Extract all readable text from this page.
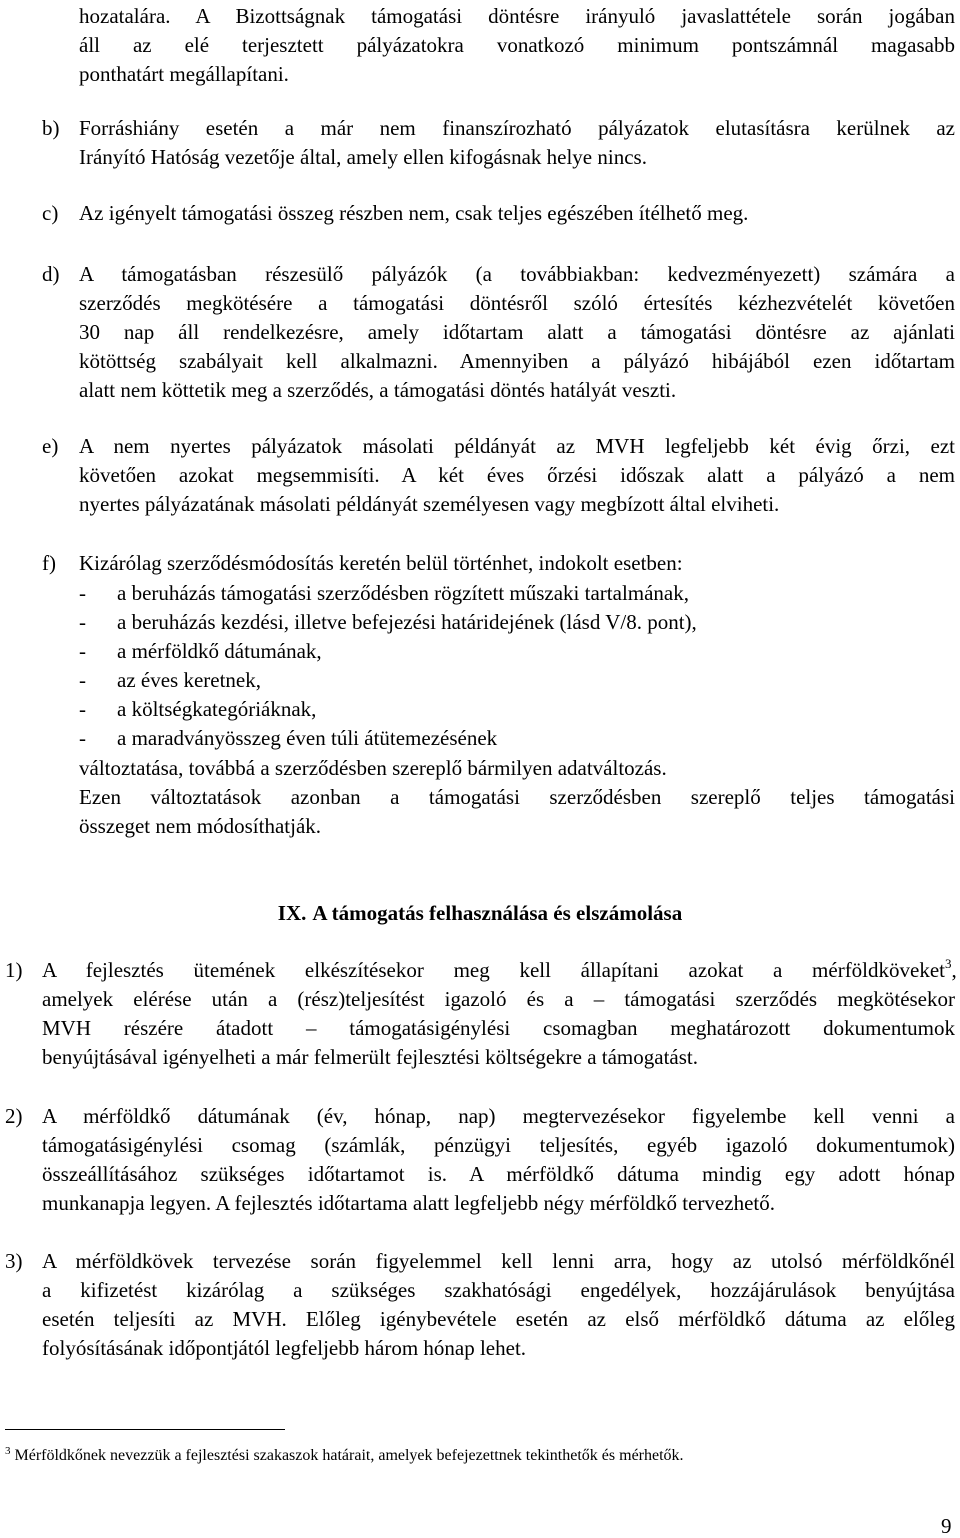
hozatalára. A Bizottságnak támogatási döntésre irányuló javaslattétele során jogában
áll az elé terjesztett pályázatokra vonatkozó minimum pontszámnál magasabb
ponthatárt megállapítani.
b) Forráshiány esetén a már nem finanszírozható pályázatok elutasításra kerülnek az
Irányító Hatóság vezetője által, amely ellen kifogásnak helye nincs.
c) Az igényelt támogatási összeg részben nem, csak teljes egészében ítélhető meg.
d) A támogatásban részesülő pályázók (a továbbiakban: kedvezményezett) számára a
szerződés megkötésére a támogatási döntésről szóló értesítés kézhezvételét követően
30 nap áll rendelkezésre, amely időtartam alatt a támogatási döntésre az ajánlati
kötöttség szabályait kell alkalmazni. Amennyiben a pályázó hibájából ezen időtartam
alatt nem köttetik meg a szerződés, a támogatási döntés hatályát veszti.
e) A nem nyertes pályázatok másolati példányát az MVH legfeljebb két évig őrzi, ezt
követően azokat megsemmisíti. A két éves őrzési időszak alatt a pályázó a nem
nyertes pályázatának másolati példányát személyesen vagy megbízott által elviheti.
f) Kizárólag szerződésmódosítás keretén belül történhet, indokolt esetben:
- a beruházás támogatási szerződésben rögzített műszaki tartalmának,
- a beruházás kezdési, illetve befejezési határidejének (lásd V/8. pont),
- a mérföldkő dátumának,
- az éves keretnek,
- a költségkategóriáknak,
- a maradványösszeg éven túli átütemezésének
változtatása, továbbá a szerződésben szereplő bármilyen adatváltozás.
Ezen változtatások azonban a támogatási szerződésben szereplő teljes támogatási
összeget nem módosíthatják.
IX. A támogatás felhasználása és elszámolása
1) A fejlesztés ütemének elkészítésekor meg kell állapítani azokat a mérföldköveket$^3$,
amelyek elérése után a (rész)teljesítést igazoló és a – támogatási szerződés megkötésekor
MVH részére átadott – támogatásigénylési csomagban meghatározott dokumentumok
benyújtásával igényelheti a már felmerült fejlesztési költségekre a támogatást.
2) A mérföldkő dátumának (év, hónap, nap) megtervezésekor figyelembe kell venni a
támogatásigénylési csomag (számlák, pénzügyi teljesítés, egyéb igazoló dokumentumok)
összeállításához szükséges időtartamot is. A mérföldkő dátuma mindig egy adott hónap
munkanapja legyen. A fejlesztés időtartama alatt legfeljebb négy mérföldkő tervezhető.
3) A mérföldkövek tervezése során figyelemmel kell lenni arra, hogy az utolsó mérföldkőnél
a kifizetést kizárólag a szükséges szakhatósági engedélyek, hozzájárulások benyújtása
esetén teljesíti az MVH. Előleg igénybevétele esetén az első mérföldkő dátuma az előleg
folyósításának időpontjától legfeljebb három hónap lehet.
$^3$ Mérföldkőnek nevezzük a fejlesztési szakaszok határait, amelyek befejezettnek tekinthetők és mérhetők.
9
